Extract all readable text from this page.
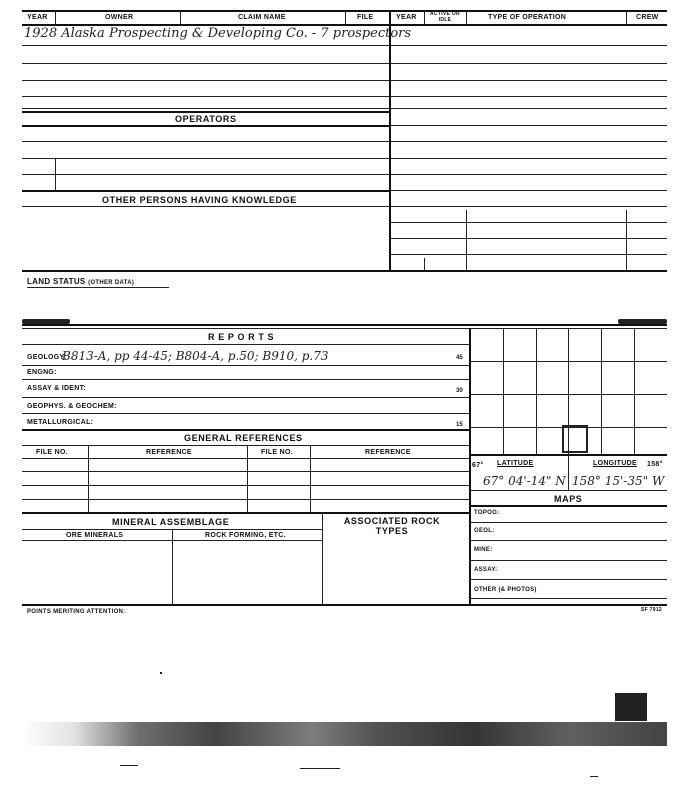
YEAR	OWNER	CLAIM NAME	FILE	YEAR	ACTIVE OR IDLE	TYPE OF OPERATION	CREW
1928 Alaska Prospecting & Developing Co. - 7 prospectors
OPERATORS
OTHER PERSONS HAVING KNOWLEDGE
LAND STATUS (OTHER DATA)
R E P O R T S
GEOLOGY:
B813-A, pp 44-45; B804-A, p.50; B910, p.73	45
ENGNG:
ASSAY & IDENT:	30
GEOPHYS. & GEOCHEM:
METALLURGICAL:	15
GENERAL REFERENCES
FILE NO.	REFERENCE	FILE NO.	REFERENCE
MINERAL ASSEMBLAGE	ASSOCIATED ROCK TYPES
ORE MINERALS	ROCK FORMING, ETC.
67° LATITUDE	LONGITUDE 158°
67° 04'-14" N 158° 15'-35" W
MAPS
TOPOG:
GEOL:
MINE:
ASSAY:
OTHER (& PHOTOS)
POINTS MERITING ATTENTION:	SF 7912
